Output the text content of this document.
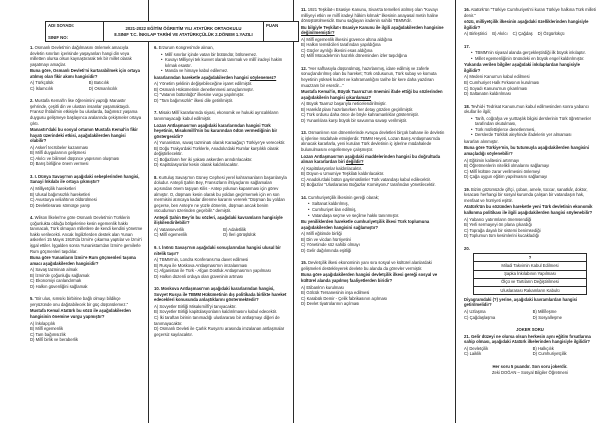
ADI SOYADI:
SINIF NO:
2021-2022 EĞİTİM ÖĞRETİM YILI ATATÜRK ORTAOKULU
8.SINIF T.C. İNKILAP TARİHİ VE ATATÜRKÇÜLÜK 2.DÖNEM 1.YAZILI
PUAN

1. Osmanlı Devleti'nin dağılmasını önlemek amacıyla devletin sınırları içerisinde yaşayanları hangi din veya milletten olursa olsun kaynaştırarak tek bir millet olarak yaşatmayı amaçlar.

Buna göre, Osmanlı Devleti'ni kurtarabilmek için ortaya atılmış olan fikir akımı hangisidir?

A) Türkçülük	B) Batıcılık
C) İslamcılık	D) Osmanlıcılık

2. Mustafa Kemal'in lise öğrenimini yaptığı Manastır şehrinde, çeşitli din ve ulustan insanlar yaşamaktaydı. Fransız İhtilali'nin etkisiyle bu uluslarda, bağımsız yaşama duygusu gelişmeye başlayınca aralarında çekişmeler ortaya çıktı.

Manastır'daki bu sosyal ortamın Mustafa Kemal'in fikir hayatı üzerindeki etkisi, aşağıdakilerden hangisi olabilir?

A) Askerî tecrübeler kazanması
B) Millî duygularının gelişmesi
C) Akılcı ve bilimsel düşünce yapısının oluşması
D) Barış birliğine önem vermesi

3. I. Dünya Savaşı'nın aşağıdaki sebeplerinden hangisi, Sanayi İnkılabı ile ortaya çıkmıştır?

A) Milliyetçilik hareketleri
B) Ulusal bağımsızlık hareketleri
C) Avusturya veliahtının öldürülmesi
D) Devletlerarası sömürge yarışı

4. Wilson İlkeleri'ne göre Osmanlı Devleti'nin Türklerin çoğunlukta olduğu bölgelerine kesin egemenlik hakkı tanınacak, Türk olmayan milletlere de kendi kendini yönetme hakkı verilecekti. Ancak İngilizlerden destek alan Yunan askerleri 15 Mayıs 1919'da İzmir'e çıkarma yaptılar ve İzmir'i işgal ettiler. İşgalden sonra Yunanistan'dan İzmir'e gemilerle Rum göçmenleri taşıdılar.

Buna göre Yunanların İzmir'e Rum göçmenleri taşıma amacı aşağıdakilerden hangisidir?

A) Savaş tazminatı almak
B) İzmir'de çoğunluğu sağlamak
C) Ekonomiyi canlandırmak
D) Halkın güvenliğini sağlamak

5. "Bir ulus, sımsıkı birbirine bağlı olmayı bildikçe yeryüzünde onu dağıtabilecek bir güç düşünülemez."

Mustafa Kemal Atatürk bu sözü ile aşağıdakilerden hangisinin önemine vurgu yapmıştır?

A) İnkılapçılık
B) Millî egemenlik
C) Tam bağımsızlık
D) Millî birlik ve beraberlik

6. Erzurum Kongresi'nde alınan,

• Millî sınırlar içinde vatan bir bütündür, bölünemez.
• Kuvayı Milliyeyi tek kuvvet olarak tanımak ve millî iradeyi hakim kılmak esastır.
• Manda ve himaye kabul edilemez.

kararlarından hareketle aşağıdakilerden hangisi söylenemez?

A) Yönetim şeklinin değişebileceğine işaret edilmiştir.
B) Osmanlı Hükümetinin denetlenmesi amaçlanmıştır.
C) "Vatanın bütünlüğü" ilkesine vurgu yapılmıştır.
D) "Tam bağımsızlık" ilkesi dile getirilmiştir.

7. Misakı Millî kararlarında siyasi, ekonomik ve hukuki ayrıcalıkların tanınmayacağı kabul edilmiştir.

Lozan Antlaşması'nın aşağıdaki kararlarından hangisi Türk heyetinin, Misakımillî'nin bu kararından ödün vermediğinin bir göstergesidir?

A) Yunanistan, savaş tazminatı olarak Karaağaç'ı Türkiye'ye verecektir.
B) Doğu Trakya'daki Türklerle, Anadolu'daki Rumlar karşılıklı olarak değiştirilecektir.
C) Boğazların her iki yakası askerden arındırılacaktır.
D) Kapitülasyonlar kesin olarak kaldırılacaktır.

8. Kurtuluş Savaşı'nın Güney Cephesi yerel kahramanların başarılarıyla doludur. Antepli Şahin Bey, Fransızların ihtiyaçlarını sağlamaları açısından önem taşıyan Kilis - Antep yolunun kapanması için görev almıştır. O, düşmanı kesin olarak bu yoldan geçirmemek için en son mermisini atıncaya kadar direnme kararını vererek "Düşman bu yoldan geçerse, ben Antep'e ne yüzle dönerim, düşman ancak benim vücudumun üzerinden geçebilir." demiştir.

Antepli Şahin Bey'in bu sözleri, aşağıdaki kavramların hangisiyle ilişkilendirilebilir?

A) Vatanseverlik	B) Adaletlilik
C) Millî egemenlik	D) İleri görüşlülük

9. I. İnönü Savaşı'nın aşağıdaki sonuçlarından hangisi ulusal bir nitelik taşır?

A) TBMM'nin, Londra Konferansı'na davet edilmesi
B) Rusya ile Moskova Antlaşması'nın imzalanması
C) Afganistan ile Türk - Afgan Dostluk Antlaşması'nın yapılması
D) Halkın düzenli orduya olan güveninin artması

10. Moskova Antlaşması'nın aşağıdaki kararlarından hangisi, Sovyet Rusya ile TBMM Hükümetinin dış politikada birlikte hareket edecekleri konusunda anlaştıklarını göstermektedir?

A) Sovyetler Birliği Misakımillî'yi tanıyacaktır.
B) Sovyetler Birliği kapitülasyonların kaldırılmasını kabul edecektir.
C) İki taraftan birinin tanımadığı uluslararası bir antlaşmayı diğeri de tanımayacaktır.
D) Osmanlı Devleti ile Çarlık Rusya'sı arasında imzalanan antlaşmalar geçersiz sayılacaktır.

11. 1921 Teşkilat-ı Esasiye Kanunu, Sivas'ta temelleri atılmış olan "Kuvayı milliyeyi etkin ve millî iradeyi hâkim kılmak" ilkesinin anayasal metin haline dönüştürülmesidir. Bunu sağlayan iradenin sahibi TBMM'dir.

Bu bilgiyle Teşkilat-ı Esasiye Kanunu ile ilgili aşağıdakilerden hangisine değinilmemiştir?

A) Millî egemenlik ilkesini güvence altına aldığına
B) Halkın temsilcileri tarafından yapıldığına
C) Güçler ayrılığı ilkesini esas aldığına
D) Millî Mücadele'nin hazırlık döneminden izler taşıdığına

12. "Her safhasıyla düşünülmüş, hazırlanmış, idare edilmiş ve zaferle sonuçlandırılmış olan bu hareket; Türk ordusunun, Türk subay ve komuta heyetinin yüksek kudret ve kahramanlığını tarihe bir kere daha yazdıran muazzam bir eserdir..."

Mustafa Kemal'in, Büyük Taarruz'un önemini ifade ettiği bu sözlerinden aşağıdakilerin hangisi çıkarılamaz?

A) Büyük Taarruz başarıyla neticelendirilmiştir.
B) Harekât planı hazırlanırken her detay gözden geçirilmiştir.
C) Türk ordusu daha önce de böyle kahramanlıklar göstermiştir.
D) Yunanlılara karşı büyük bir savunma savaşı verilmiştir.

13. Osmanlının son dönemlerinde Avrupa devletleri birçok bahane ile devletin iç işlerine müdahale etmişlerdir. TBMM Heyeti, Lozan Barış Antlaşması'nda alınacak kararlarla, yeni kurulan Türk devletinin iç işlerine müdahalede bulunulmasını engellemeye çalışmıştır.

Lozan Antlaşması'nın aşağıdaki maddelerinden hangisi bu doğrultuda alınan kararlardan biri değildir?

A) Kapitülasyonlar kaldırılacaktır.
B) Düyun-u Umumiye Teşkilatı kaldırılacaktır.
C) Anadolu'daki bütün gayrimüslimler Türk vatandaşı kabul edilecektir.
D) Boğazlar "Uluslararası Boğazlar Komisyonu" tarafından yönetilecektir.

14. Cumhuriyetçilik ilkesinin gereği olarak;

• Saltanat kaldırılmış,
• Cumhuriyet ilan edilmiş,
• Vatandaşa seçme ve seçilme hakkı tanınmıştır.

Bu yeniliklerden hareketle cumhuriyetçilik ilkesi Türk toplumuna aşağıdakilerden hangisini sağlamıştır?

A) Millî eğitimde birliği
B) Din ve vicdan hürriyetini
C) Yönetimde söz sahibi olmayı
D) Gelir dağılımında eşitliği

15. Devletçilik ilkesi ekonominin yanı sıra sosyal ve kültürel alanlardaki gelişmeleri destekleyerek devlete bu alanda da görevler vermiştir.

Buna göre aşağıdakilerden hangisi devletçilik ilkesi gereği sosyal ve kültürel alanda yapılmış faaliyetlerden biridir?

A) Etibank'ın kurulması
B) Gölcük Tersanesinin inşa edilmesi
C) Karabük Demir - Çelik fabrikasının açılması
D) Devlet tiyatrolarının açılması

16. Atatürk'ün "Türkiye Cumhuriyeti'ni kuran Türkiye halkına Türk milleti denir."

sözü, milliyetçilik ilkesinin aşağıdaki özelliklerinden hangisiyle ilgilidir?

A) Birleştirici B) Akılcı C) Çağdaş D) Özgürlükçü

17.

• TBMM'nin siyasal alanda gerçekleştirdiği ilk büyük inkılaptır.
• Millet egemenliğinin önündeki en büyük engel kaldırılmıştır.

Yukarıda verilen bilgiler aşağıdaki inkılaplardan hangisiyle ilgilidir?

A) Medeni Kanun'un kabul edilmesi
B) Cumhuriyet Halk Fırkasının kurulması
C) Soyadı Kanunu'nun çıkarılması
D) Saltanatın kaldırılması

18. Tevhid-i Tedrisat Kanunu'nun kabul edilmesinden sonra yabancı okullar ile ilgili;

• Tarih, coğrafya ve yurttaşlık bilgisi derslerinin Türk öğretmenler tarafından okutulması,
• Türk müfettişlerce denetlenmesi,
• Derslerde Türklük aleyhinde ifadelerin yer almaması

kararları alınmıştır.

Buna göre Türkiye'nin, bu tutumuyla aşağıdakilerden hangisini amaçladığı söylenebilir?

A) Eğitimin kalitesini artırmayı
B) Öğretmenlerin nitelikli olmalarını sağlamayı
C) Millî kültüre zarar verilmesini önlemeyi
D) Çağa uygun eğitim yapılmasını sağlamayı

19. Bizim gözümüzde çiftçi, çoban, amele, tüccar, sanatkâr, doktor, kısacası herhangi bir sosyal kurumda çalışan bir vatandaşın hak, menfaat ve hürriyeti eşittir.

Atatürk'ün bu sözünden hareketle yeni Türk devletinin ekonomik kalkınma politikası ile ilgili aşağıdakilerden hangisi söylenebilir?

A) Yabancı yatırımların önemsendiği
B) Yerli sermayeyi ön plana çıkardığı
C) Toprağa dayalı bir sistemi benimsediği
D) Toplumun tüm kesimlerini kucakladığı

20.

?
Miladi Takvimin Kabul Edilmesi
Şapka İnkılabının Yapılması
Ölçü ve Tartıların Değiştirilmesi
Uluslararası Rakamların Kabulü

Diyagramdaki (?) yerine, aşağıdaki kavramlardan hangisi getirilmelidir?

A) Uzlaşma	B) Millîleşme
C) Çağdaşlaşma	D) Sosyalleşme
JOKER SORU

21. Gelir düzeyi ne olursa olsun herkesin aynı eğitim fırsatlarına sahip olması, aşağıdaki Atatürk ilkelerinden hangisiyle ilgilidir?

A) Devletçilik	B) Halkçılık
C) Laiklik	D) Cumhuriyetçilik
Her soru 5 puandır. Son soru jokerdir.
Zeki DOĞAN – Sosyal Bilgiler Öğretmeni
